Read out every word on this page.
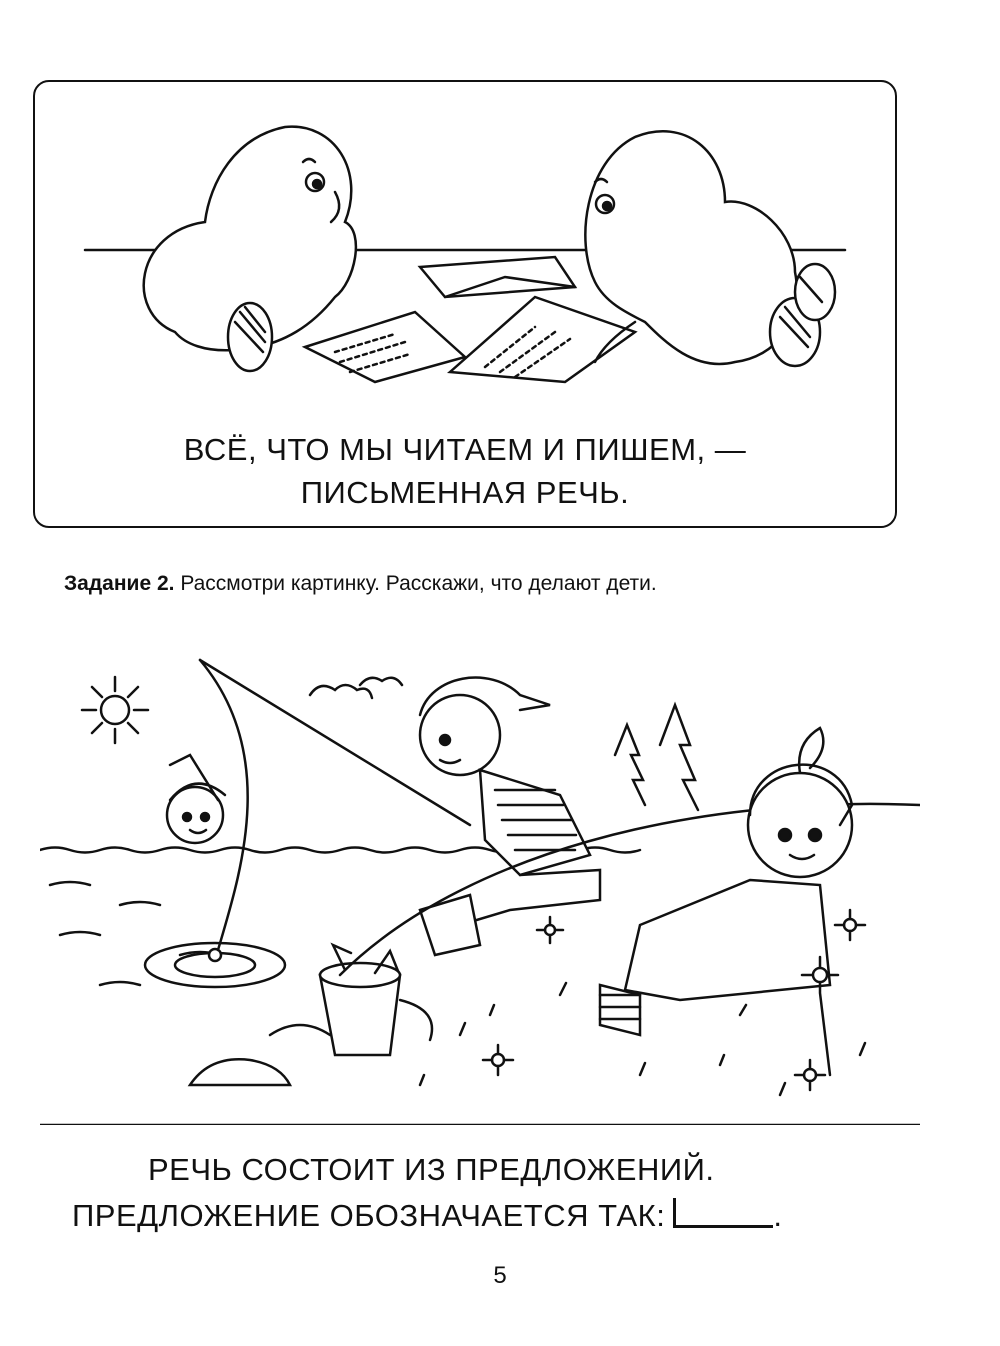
ВСЁ, ЧТО МЫ ЧИТАЕМ И ПИШЕМ, —
ПИСЬМЕННАЯ РЕЧЬ.
Задание 2. Рассмотри картинку. Расскажи, что делают дети.
РЕЧЬ СОСТОИТ ИЗ ПРЕДЛОЖЕНИЙ.
ПРЕДЛОЖЕНИЕ ОБОЗНАЧАЕТСЯ ТАК:	.
5
